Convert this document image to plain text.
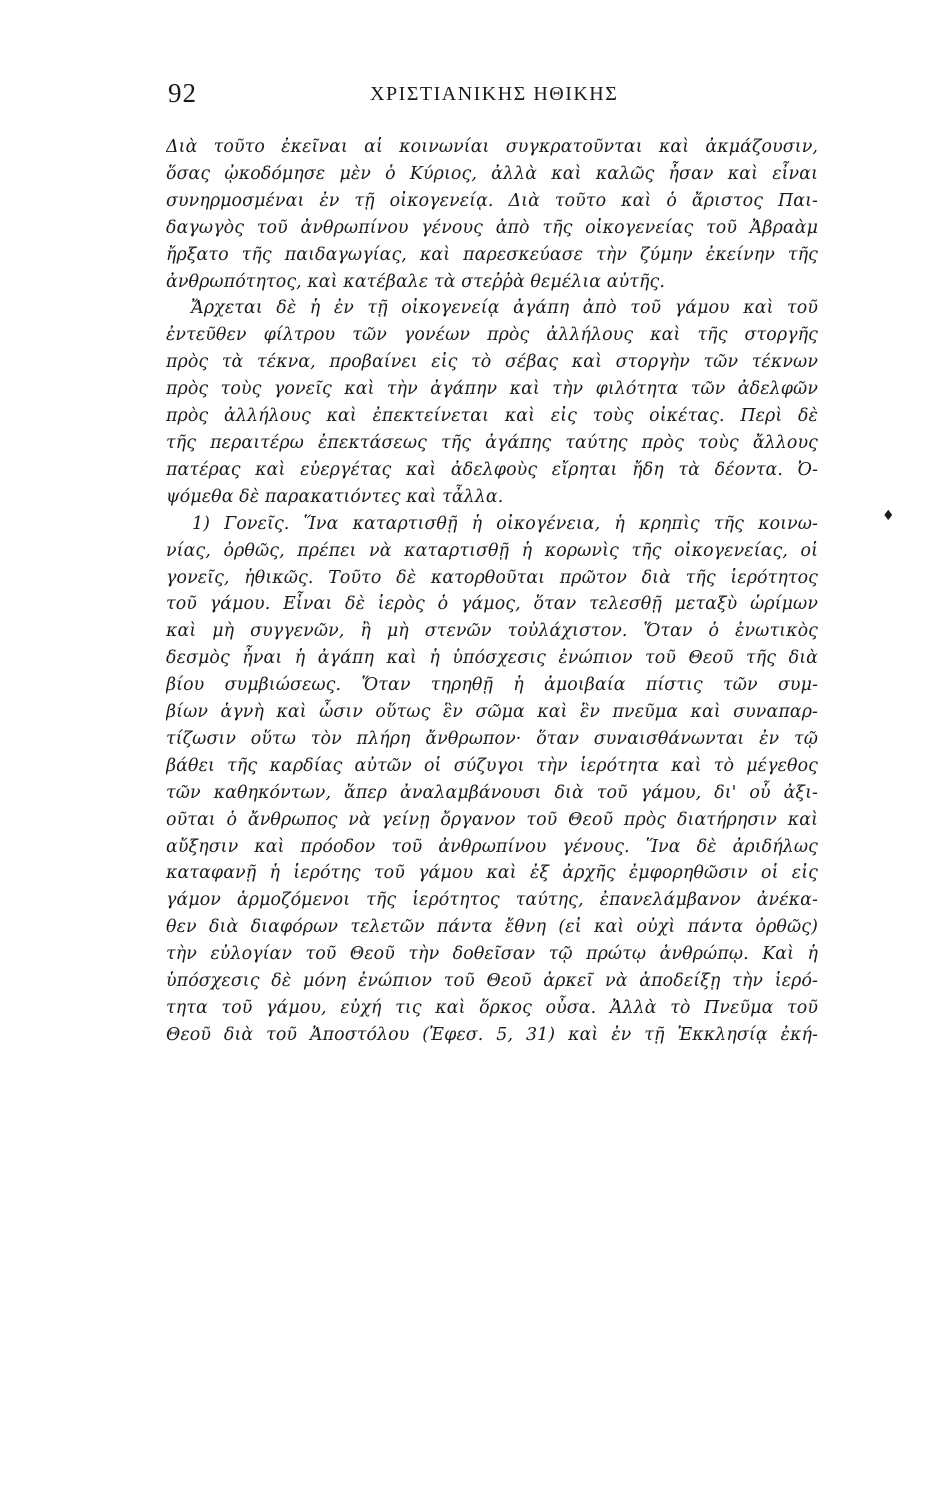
92	ΧΡΙΣΤΙΑΝΙΚΗΣ ΗΘΙΚΗΣ
♦
Διὰ τοῦτο ἐκεῖναι αἱ κοινωνίαι συγκρατοῦνται καὶ ἀκμάζουσιν,
ὅσας ᾠκοδόμησε μὲν ὁ Κύριος, ἀλλὰ καὶ καλῶς ἦσαν καὶ εἶναι
συνηρμοσμέναι ἐν τῇ οἰκογενείᾳ. Διὰ τοῦτο καὶ ὁ ἄριστος Παι-
δαγωγὸς τοῦ ἀνθρωπίνου γένους ἀπὸ τῆς οἰκογενείας τοῦ Ἀβραὰμ
ἤρξατο τῆς παιδαγωγίας, καὶ παρεσκεύασε τὴν ζύμην ἐκείνην τῆς
ἀνθρωπότητος, καὶ κατέβαλε τὰ στεῤῥὰ θεμέλια αὐτῆς.
Ἄρχεται δὲ ἡ ἐν τῇ οἰκογενείᾳ ἀγάπη ἀπὸ τοῦ γάμου καὶ τοῦ
ἐντεῦθεν φίλτρου τῶν γονέων πρὸς ἀλλήλους καὶ τῆς στοργῆς
πρὸς τὰ τέκνα, προβαίνει εἰς τὸ σέβας καὶ στοργὴν τῶν τέκνων
πρὸς τοὺς γονεῖς καὶ τὴν ἀγάπην καὶ τὴν φιλότητα τῶν ἀδελφῶν
πρὸς ἀλλήλους καὶ ἐπεκτείνεται καὶ εἰς τοὺς οἰκέτας. Περὶ δὲ
τῆς περαιτέρω ἐπεκτάσεως τῆς ἀγάπης ταύτης πρὸς τοὺς ἄλλους
πατέρας καὶ εὐεργέτας καὶ ἀδελφοὺς εἴρηται ἤδη τὰ δέοντα. Ὀ-
ψόμεθα δὲ παρακατιόντες καὶ τἆλλα.
1) Γονεῖς. Ἵνα καταρτισθῇ ἡ οἰκογένεια, ἡ κρηπὶς τῆς κοινω-
νίας, ὀρθῶς, πρέπει νὰ καταρτισθῇ ἡ κορωνὶς τῆς οἰκογενείας, οἱ
γονεῖς, ἠθικῶς. Τοῦτο δὲ κατορθοῦται πρῶτον διὰ τῆς ἱερότητος
τοῦ γάμου. Εἶναι δὲ ἱερὸς ὁ γάμος, ὅταν τελεσθῇ μεταξὺ ὡρίμων
καὶ μὴ συγγενῶν, ἢ μὴ στενῶν τοὐλάχιστον. Ὅταν ὁ ἑνωτικὸς
δεσμὸς ἦναι ἡ ἀγάπη καὶ ἡ ὑπόσχεσις ἐνώπιον τοῦ Θεοῦ τῆς διὰ
βίου συμβιώσεως. Ὅταν τηρηθῇ ἡ ἀμοιβαία πίστις τῶν συμ-
βίων ἁγνὴ καὶ ὦσιν οὕτως ἓν σῶμα καὶ ἓν πνεῦμα καὶ συναπαρ-
τίζωσιν οὕτω τὸν πλήρη ἄνθρωπον· ὅταν συναισθάνωνται ἐν τῷ
βάθει τῆς καρδίας αὐτῶν οἱ σύζυγοι τὴν ἱερότητα καὶ τὸ μέγεθος
τῶν καθηκόντων, ἅπερ ἀναλαμβάνουσι διὰ τοῦ γάμου, δι' οὗ ἀξι-
οῦται ὁ ἄνθρωπος νὰ γείνῃ ὄργανον τοῦ Θεοῦ πρὸς διατήρησιν καὶ
αὔξησιν καὶ πρόοδον τοῦ ἀνθρωπίνου γένους. Ἵνα δὲ ἀριδήλως
καταφανῇ ἡ ἱερότης τοῦ γάμου καὶ ἐξ ἀρχῆς ἐμφορηθῶσιν οἱ εἰς
γάμον ἁρμοζόμενοι τῆς ἱερότητος ταύτης, ἐπανελάμβανον ἀνέκα-
θεν διὰ διαφόρων τελετῶν πάντα ἔθνη (εἰ καὶ οὐχὶ πάντα ὀρθῶς)
τὴν εὐλογίαν τοῦ Θεοῦ τὴν δοθεῖσαν τῷ πρώτῳ ἀνθρώπῳ. Καὶ ἡ
ὑπόσχεσις δὲ μόνη ἐνώπιον τοῦ Θεοῦ ἀρκεῖ νὰ ἀποδείξῃ τὴν ἱερό-
τητα τοῦ γάμου, εὐχή τις καὶ ὅρκος οὖσα. Ἀλλὰ τὸ Πνεῦμα τοῦ
Θεοῦ διὰ τοῦ Ἀποστόλου (Ἐφεσ. 5, 31) καὶ ἐν τῇ Ἐκκλησίᾳ ἐκή-
